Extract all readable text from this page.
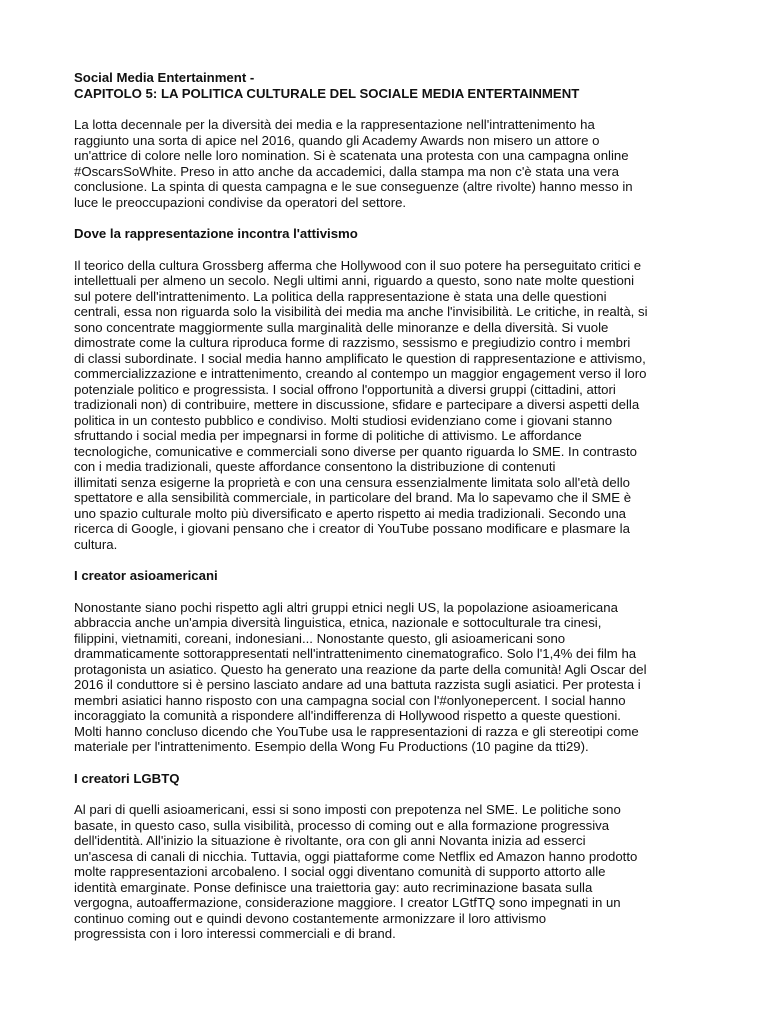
Social Media Entertainment -
CAPITOLO 5: LA POLITICA CULTURALE DEL SOCIALE MEDIA ENTERTAINMENT

La lotta decennale per la diversità dei media e la rappresentazione nell'intrattenimento ha
raggiunto una sorta di apice nel 2016, quando gli Academy Awards non misero un attore o
un'attrice di colore nelle loro nomination. Si è scatenata una protesta con una campagna online
#OscarsSoWhite. Preso in atto anche da accademici, dalla stampa ma non c'è stata una vera
conclusione. La spinta di questa campagna e le sue conseguenze (altre rivolte) hanno messo in
luce le preoccupazioni condivise da operatori del settore.

Dove la rappresentazione incontra l'attivismo

Il teorico della cultura Grossberg afferma che Hollywood con il suo potere ha perseguitato critici e
intellettuali per almeno un secolo. Negli ultimi anni, riguardo a questo, sono nate molte questioni
sul potere dell'intrattenimento. La politica della rappresentazione è stata una delle questioni
centrali, essa non riguarda solo la visibilità dei media ma anche l'invisibilità. Le critiche, in realtà, si
sono concentrate maggiormente sulla marginalità delle minoranze e della diversità. Si vuole
dimostrate come la cultura riproduca forme di razzismo, sessismo e pregiudizio contro i membri
di classi subordinate. I social media hanno amplificato le question di rappresentazione e attivismo,
commercializzazione e intrattenimento, creando al contempo un maggior engagement verso il loro
potenziale politico e progressista. I social offrono l'opportunità a diversi gruppi (cittadini, attori
tradizionali non) di contribuire, mettere in discussione, sfidare e partecipare a diversi aspetti della
politica in un contesto pubblico e condiviso. Molti studiosi evidenziano come i giovani stanno
sfruttando i social media per impegnarsi in forme di politiche di attivismo. Le affordance
tecnologiche, comunicative e commerciali sono diverse per quanto riguarda lo SME. In contrasto
con i media tradizionali, queste affordance consentono la distribuzione di contenuti
illimitati senza esigerne la proprietà e con una censura essenzialmente limitata solo all'età dello
spettatore e alla sensibilità commerciale, in particolare del brand. Ma lo sapevamo che il SME è
uno spazio culturale molto più diversificato e aperto rispetto ai media tradizionali. Secondo una
ricerca di Google, i giovani pensano che i creator di YouTube possano modificare e plasmare la
cultura.

I creator asioamericani

Nonostante siano pochi rispetto agli altri gruppi etnici negli US, la popolazione asioamericana
abbraccia anche un'ampia diversità linguistica, etnica, nazionale e sottoculturale tra cinesi,
filippini, vietnamiti, coreani, indonesiani... Nonostante questo, gli asioamericani sono
drammaticamente sottorappresentati nell'intrattenimento cinematografico. Solo l'1,4% dei film ha
protagonista un asiatico. Questo ha generato una reazione da parte della comunità! Agli Oscar del
2016 il conduttore si è persino lasciato andare ad una battuta razzista sugli asiatici. Per protesta i
membri asiatici hanno risposto con una campagna social con l'#onlyonepercent. I social hanno
incoraggiato la comunità a rispondere all'indifferenza di Hollywood rispetto a queste questioni.
Molti hanno concluso dicendo che YouTube usa le rappresentazioni di razza e gli stereotipi come
materiale per l'intrattenimento. Esempio della Wong Fu Productions (10 pagine da tti29).

I creatori LGBTQ

Al pari di quelli asioamericani, essi si sono imposti con prepotenza nel SME. Le politiche sono
basate, in questo caso, sulla visibilità, processo di coming out e alla formazione progressiva
dell'identità. All'inizio la situazione è rivoltante, ora con gli anni Novanta inizia ad esserci
un'ascesa di canali di nicchia. Tuttavia, oggi piattaforme come Netflix ed Amazon hanno prodotto
molte rappresentazioni arcobaleno. I social oggi diventano comunità di supporto attorto alle
identità emarginate. Ponse definisce una traiettoria gay: auto recriminazione basata sulla
vergogna, autoaffermazione, considerazione maggiore. I creator LGtfTQ sono impegnati in un
continuo coming out e quindi devono costantemente armonizzare il loro attivismo
progressista con i loro interessi commerciali e di brand.
